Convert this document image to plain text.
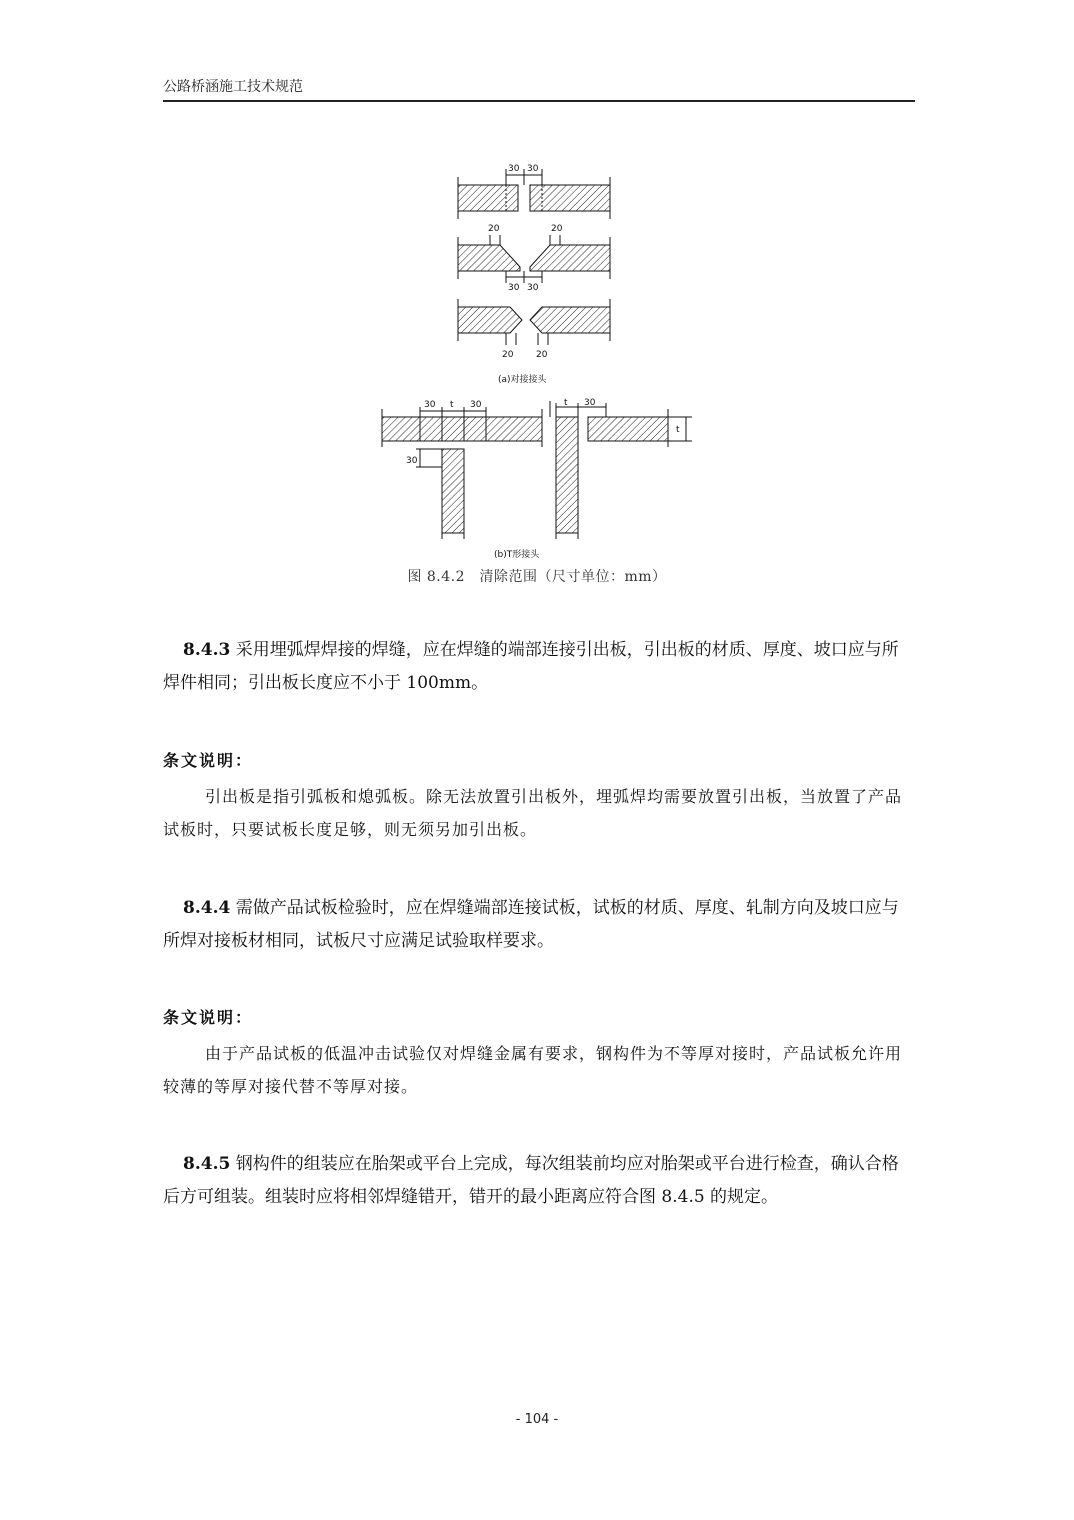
公路桥涵施工技术规范
30 30
20	20
30 30
20	20
(a)对接接头
30 t 30
30
t 30
t
(b)T形接头
图 8.4.2　清除范围（尺寸单位：mm）
8.4.3 采用埋弧焊焊接的焊缝，应在焊缝的端部连接引出板，引出板的材质、厚度、坡口应与所焊件相同；引出板长度应不小于 100mm。
条文说明：
引出板是指引弧板和熄弧板。除无法放置引出板外，埋弧焊均需要放置引出板，当放置了产品试板时，只要试板长度足够，则无须另加引出板。
8.4.4 需做产品试板检验时，应在焊缝端部连接试板，试板的材质、厚度、轧制方向及坡口应与所焊对接板材相同，试板尺寸应满足试验取样要求。
条文说明：
由于产品试板的低温冲击试验仅对焊缝金属有要求，钢构件为不等厚对接时，产品试板允许用较薄的等厚对接代替不等厚对接。
8.4.5 钢构件的组装应在胎架或平台上完成，每次组装前均应对胎架或平台进行检查，确认合格后方可组装。组装时应将相邻焊缝错开，错开的最小距离应符合图 8.4.5 的规定。
- 104 -
